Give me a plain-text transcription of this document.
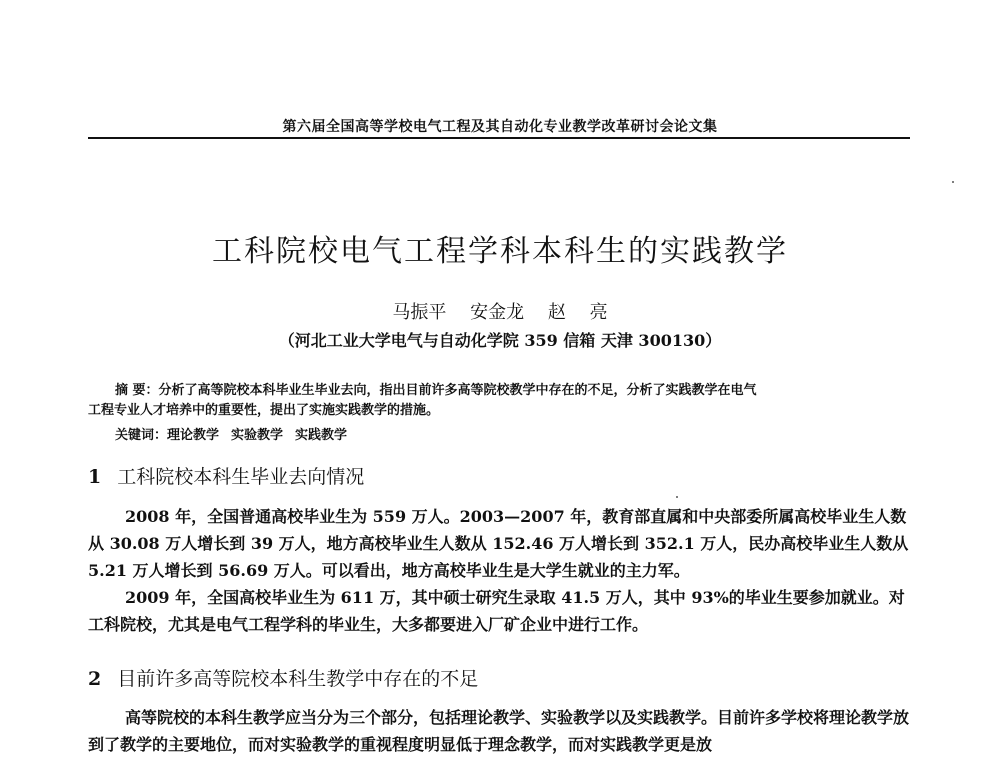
第六届全国高等学校电气工程及其自动化专业教学改革研讨会论文集
工科院校电气工程学科本科生的实践教学
马振平 安金龙 赵 亮
（河北工业大学电气与自动化学院 359 信箱 天津 300130）

摘 要：分析了高等院校本科毕业生毕业去向，指出目前许多高等院校教学中存在的不足，分析了实践教学在电气

工程专业人才培养中的重要性，提出了实施实践教学的措施。

关键词：理论教学 实验教学 实践教学
1 工科院校本科生毕业去向情况

2008 年，全国普通高校毕业生为 559 万人。2003—2007 年，教育部直属和中央部委所属高校毕业生人数从 30.08 万人增长到 39 万人，地方高校毕业生人数从 152.46 万人增长到 352.1 万人，民办高校毕业生人数从 5.21 万人增长到 56.69 万人。可以看出，地方高校毕业生是大学生就业的主力军。

2009 年，全国高校毕业生为 611 万，其中硕士研究生录取 41.5 万人，其中 93%的毕业生要参加就业。对工科院校，尤其是电气工程学科的毕业生，大多都要进入厂矿企业中进行工作。

2 目前许多高等院校本科生教学中存在的不足

高等院校的本科生教学应当分为三个部分，包括理论教学、实验教学以及实践教学。目前许多学校将理论教学放到了教学的主要地位，而对实验教学的重视程度明显低于理念教学，而对实践教学更是放
